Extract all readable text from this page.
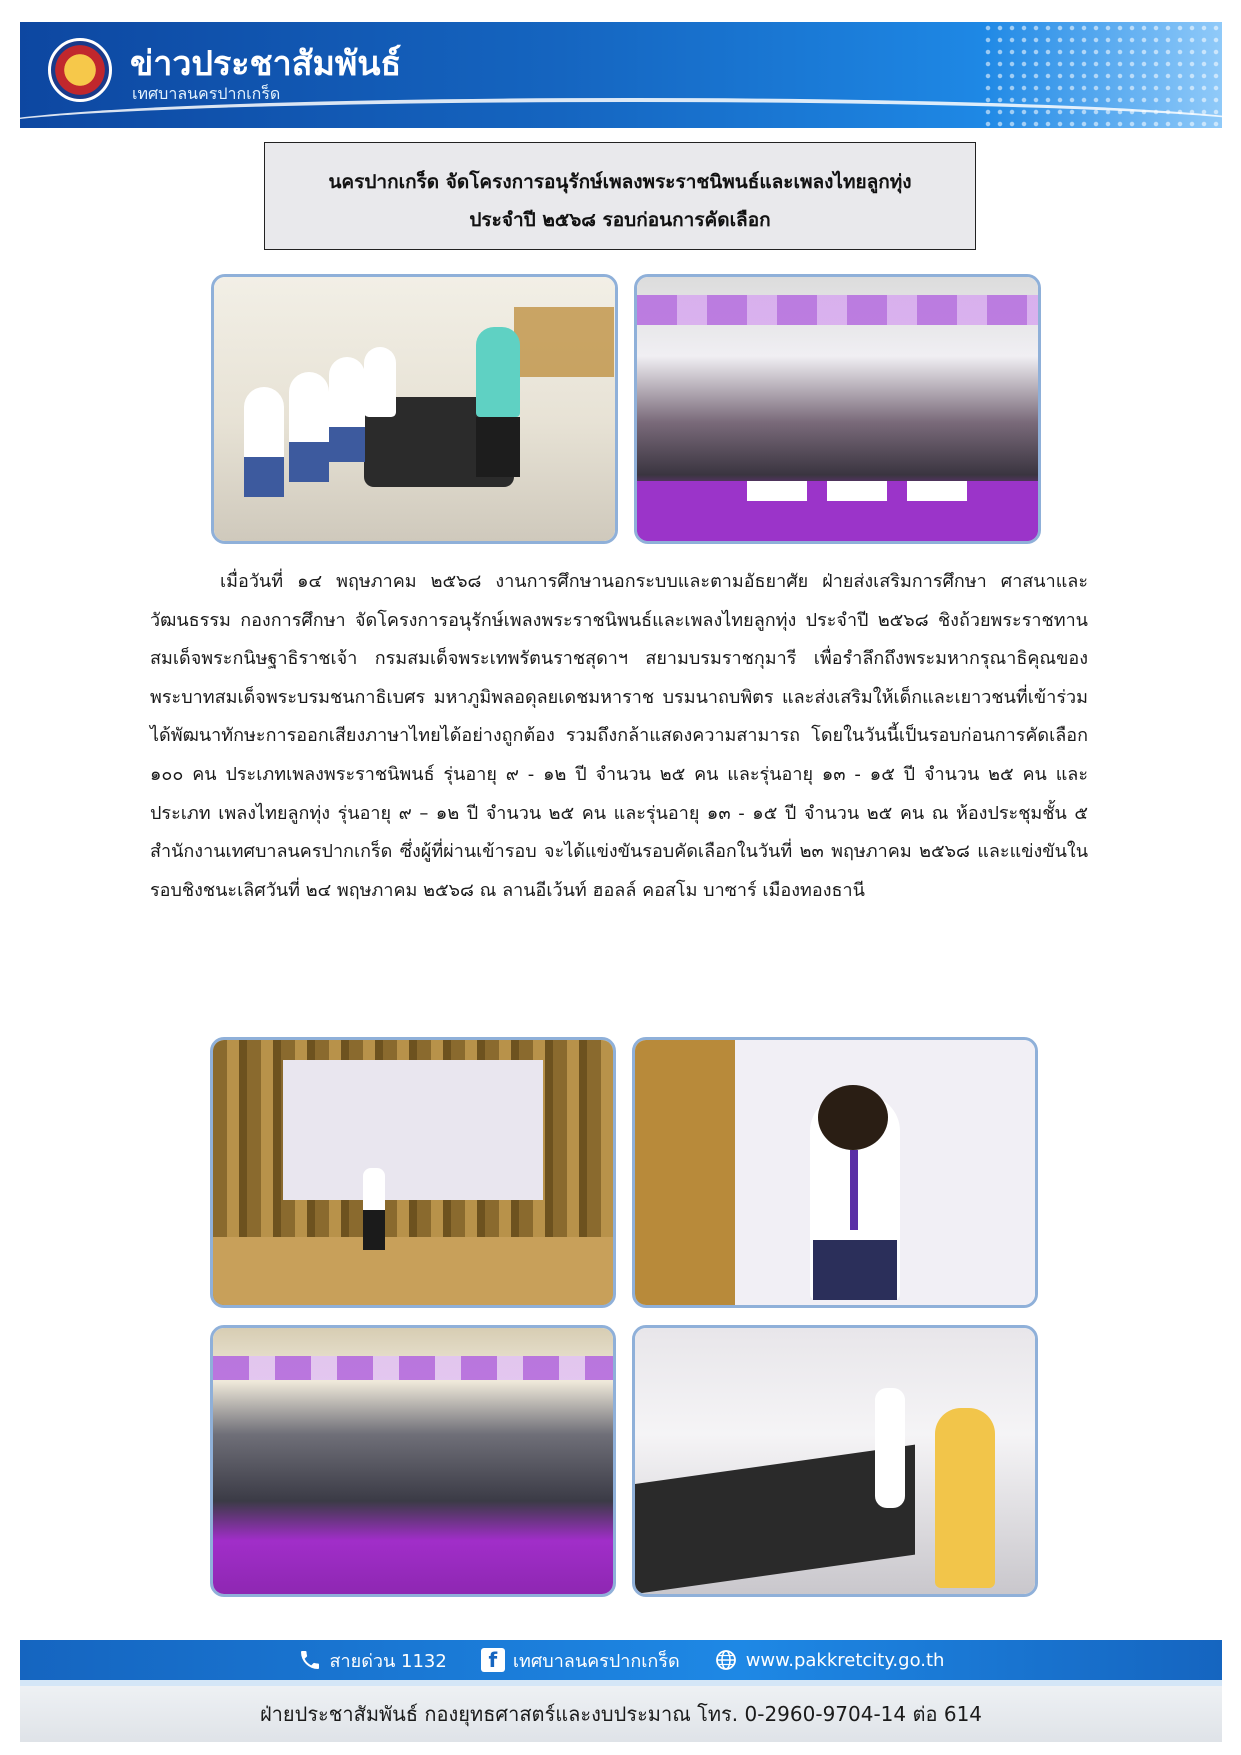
ข่าวประชาสัมพันธ์
เทศบาลนครปากเกร็ด
นครปากเกร็ด จัดโครงการอนุรักษ์เพลงพระราชนิพนธ์และเพลงไทยลูกทุ่ง
ประจำปี ๒๕๖๘ รอบก่อนการคัดเลือก

เมื่อวันที่ ๑๔ พฤษภาคม ๒๕๖๘ งานการศึกษานอกระบบและตามอัธยาศัย ฝ่ายส่งเสริมการศึกษา ศาสนาและวัฒนธรรม กองการศึกษา จัดโครงการอนุรักษ์เพลงพระราชนิพนธ์และเพลงไทยลูกทุ่ง ประจำปี ๒๕๖๘ ชิงถ้วยพระราชทาน สมเด็จพระกนิษฐาธิราชเจ้า กรมสมเด็จพระเทพรัตนราชสุดาฯ สยามบรมราชกุมารี เพื่อรำลึกถึงพระมหากรุณาธิคุณของพระบาทสมเด็จพระบรมชนกาธิเบศร มหาภูมิพลอดุลยเดชมหาราช บรมนาถบพิตร และส่งเสริมให้เด็กและเยาวชนที่เข้าร่วมได้พัฒนาทักษะการออกเสียงภาษาไทยได้อย่างถูกต้อง รวมถึงกล้าแสดงความสามารถ โดยในวันนี้เป็นรอบก่อนการคัดเลือก ๑๐๐ คน ประเภทเพลงพระราชนิพนธ์ รุ่นอายุ ๙ - ๑๒ ปี จำนวน ๒๕ คน และรุ่นอายุ ๑๓ - ๑๕ ปี จำนวน ๒๕ คน และประเภท เพลงไทยลูกทุ่ง รุ่นอายุ ๙ – ๑๒ ปี จำนวน ๒๕ คน และรุ่นอายุ ๑๓ - ๑๕ ปี จำนวน ๒๕ คน ณ ห้องประชุมชั้น ๕ สำนักงานเทศบาลนครปากเกร็ด ซึ่งผู้ที่ผ่านเข้ารอบ จะได้แข่งขันรอบคัดเลือกในวันที่ ๒๓ พฤษภาคม ๒๕๖๘ และแข่งขันในรอบชิงชนะเลิศวันที่ ๒๔ พฤษภาคม ๒๕๖๘ ณ ลานอีเว้นท์ ฮอลล์ คอสโม บาซาร์ เมืองทองธานี

สายด่วน 1132	f เทศบาลนครปากเกร็ด	www.pakkretcity.go.th
ฝ่ายประชาสัมพันธ์ กองยุทธศาสตร์และงบประมาณ โทร. 0-2960-9704-14 ต่อ 614
